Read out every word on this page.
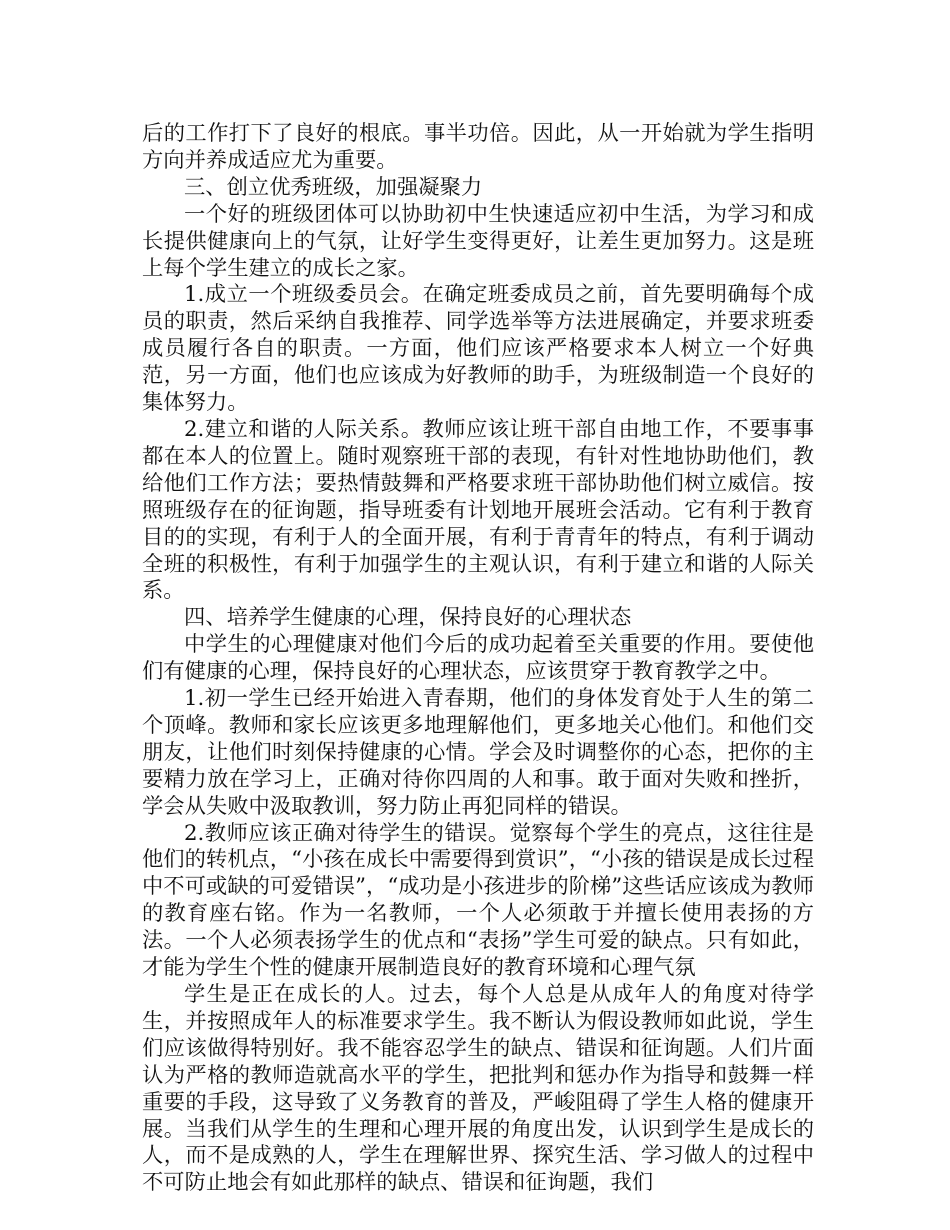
后的工作打下了良好的根底。事半功倍。因此，从一开始就为学生指明方向并养成适应尤为重要。

三、创立优秀班级，加强凝聚力

一个好的班级团体可以协助初中生快速适应初中生活，为学习和成长提供健康向上的气氛，让好学生变得更好，让差生更加努力。这是班上每个学生建立的成长之家。

1.成立一个班级委员会。在确定班委成员之前，首先要明确每个成员的职责，然后采纳自我推荐、同学选举等方法进展确定，并要求班委成员履行各自的职责。一方面，他们应该严格要求本人树立一个好典范，另一方面，他们也应该成为好教师的助手，为班级制造一个良好的集体努力。

2.建立和谐的人际关系。教师应该让班干部自由地工作，不要事事都在本人的位置上。随时观察班干部的表现，有针对性地协助他们，教给他们工作方法；要热情鼓舞和严格要求班干部协助他们树立威信。按照班级存在的征询题，指导班委有计划地开展班会活动。它有利于教育目的的实现，有利于人的全面开展，有利于青青年的特点，有利于调动全班的积极性，有利于加强学生的主观认识，有利于建立和谐的人际关系。

四、培养学生健康的心理，保持良好的心理状态

中学生的心理健康对他们今后的成功起着至关重要的作用。要使他们有健康的心理，保持良好的心理状态，应该贯穿于教育教学之中。

1.初一学生已经开始进入青春期，他们的身体发育处于人生的第二个顶峰。教师和家长应该更多地理解他们，更多地关心他们。和他们交朋友，让他们时刻保持健康的心情。学会及时调整你的心态，把你的主要精力放在学习上，正确对待你四周的人和事。敢于面对失败和挫折，学会从失败中汲取教训，努力防止再犯同样的错误。

2.教师应该正确对待学生的错误。觉察每个学生的亮点，这往往是他们的转机点，“小孩在成长中需要得到赏识”，“小孩的错误是成长过程中不可或缺的可爱错误”，“成功是小孩进步的阶梯”这些话应该成为教师的教育座右铭。作为一名教师，一个人必须敢于并擅长使用表扬的方法。一个人必须表扬学生的优点和“表扬”学生可爱的缺点。只有如此，才能为学生个性的健康开展制造良好的教育环境和心理气氛

学生是正在成长的人。过去，每个人总是从成年人的角度对待学生，并按照成年人的标准要求学生。我不断认为假设教师如此说，学生们应该做得特别好。我不能容忍学生的缺点、错误和征询题。人们片面认为严格的教师造就高水平的学生，把批判和惩办作为指导和鼓舞一样重要的手段，这导致了义务教育的普及，严峻阻碍了学生人格的健康开展。当我们从学生的生理和心理开展的角度出发，认识到学生是成长的人，而不是成熟的人，学生在理解世界、探究生活、学习做人的过程中不可防止地会有如此那样的缺点、错误和征询题，我们
